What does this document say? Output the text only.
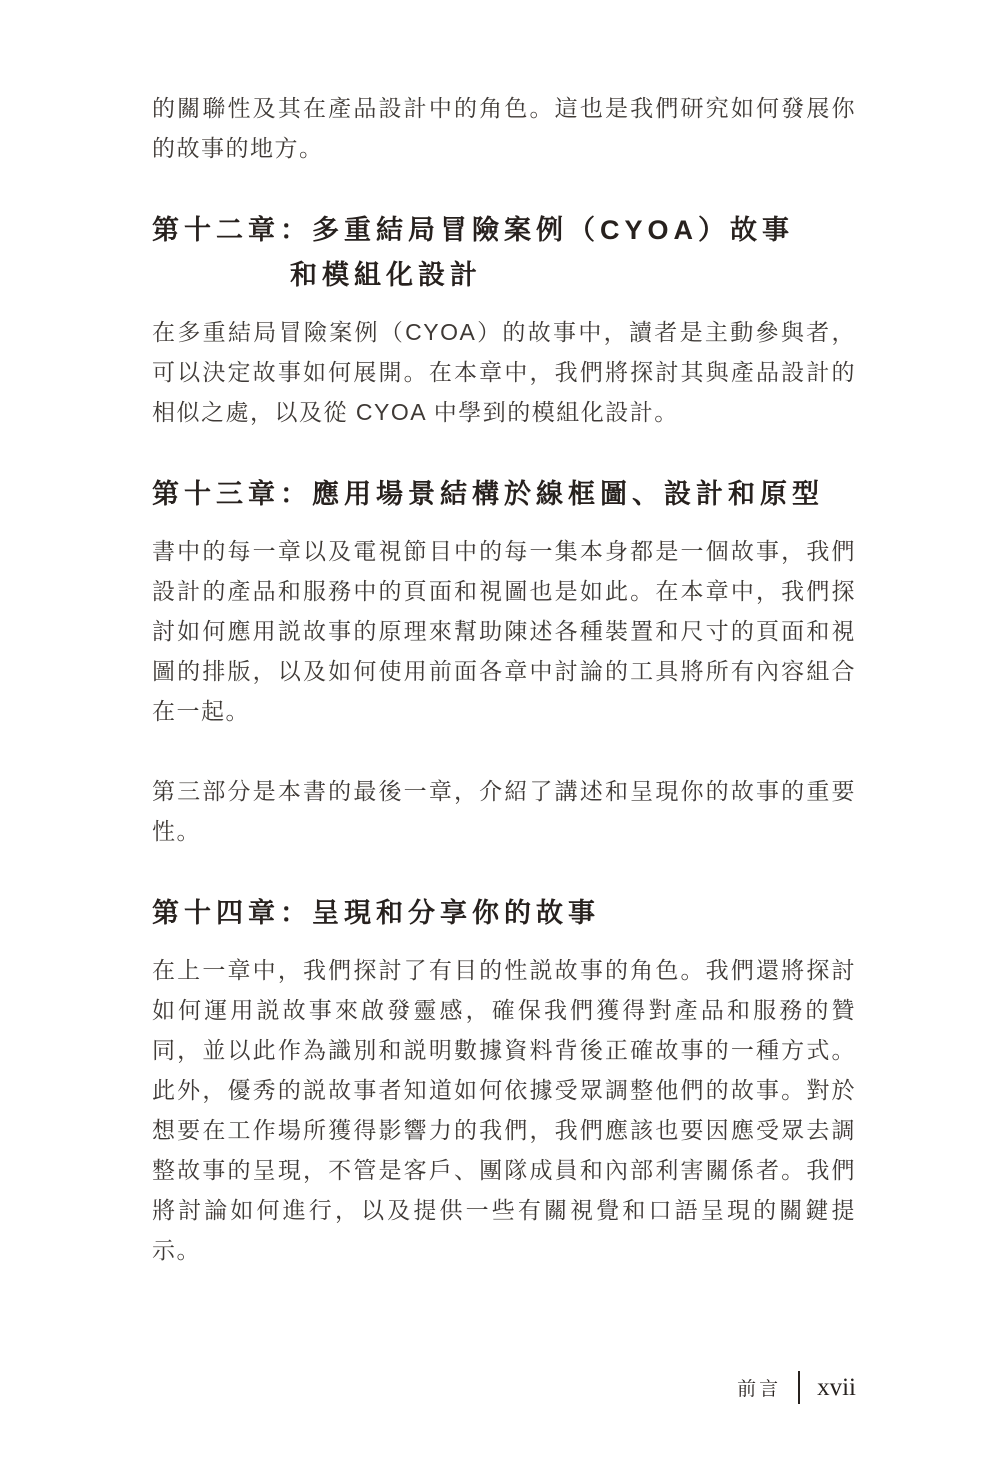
的關聯性及其在產品設計中的角色。這也是我們研究如何發展你的故事的地方。

第十二章：多重結局冒險案例（CYOA）故事
和模組化設計

在多重結局冒險案例（CYOA）的故事中，讀者是主動參與者，可以決定故事如何展開。在本章中，我們將探討其與產品設計的相似之處，以及從 CYOA 中學到的模組化設計。

第十三章：應用場景結構於線框圖、設計和原型

書中的每一章以及電視節目中的每一集本身都是一個故事，我們設計的產品和服務中的頁面和視圖也是如此。在本章中，我們探討如何應用説故事的原理來幫助陳述各種裝置和尺寸的頁面和視圖的排版，以及如何使用前面各章中討論的工具將所有內容組合在一起。

第三部分是本書的最後一章，介紹了講述和呈現你的故事的重要性。

第十四章：呈現和分享你的故事

在上一章中，我們探討了有目的性説故事的角色。我們還將探討如何運用説故事來啟發靈感，確保我們獲得對產品和服務的贊同，並以此作為識別和説明數據資料背後正確故事的一種方式。此外，優秀的説故事者知道如何依據受眾調整他們的故事。對於想要在工作場所獲得影響力的我們，我們應該也要因應受眾去調整故事的呈現，不管是客戶、團隊成員和內部利害關係者。我們將討論如何進行，以及提供一些有關視覺和口語呈現的關鍵提示。

前言 xvii
